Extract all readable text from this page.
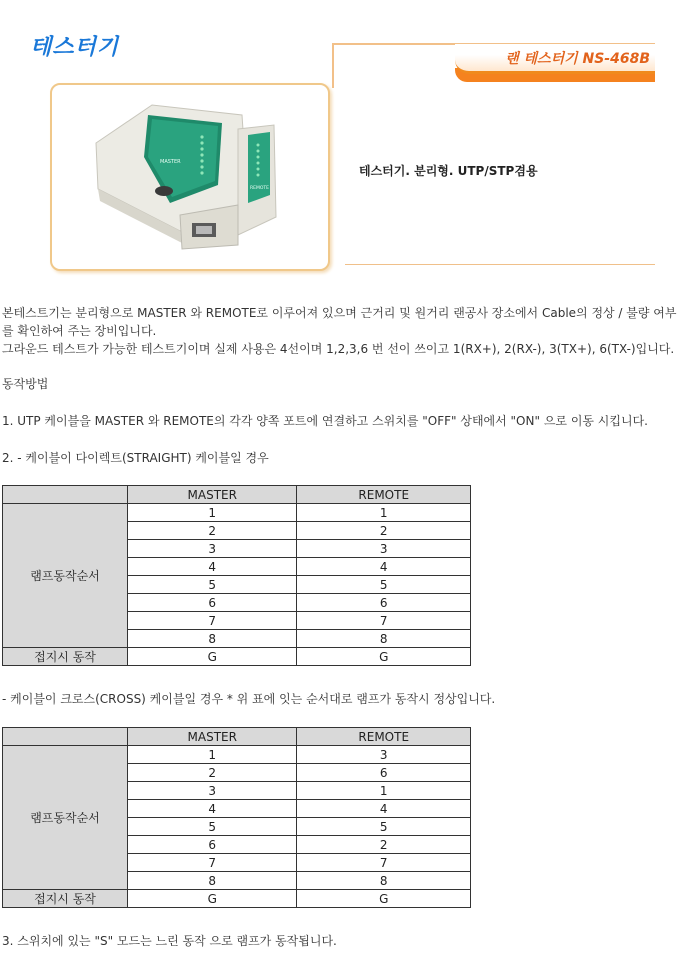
테스터기	랜 테스터기 NS-468B
MASTER
REMOTE
테스터기. 분리형. UTP/STP겸용
본테스트기는 분리형으로 MASTER 와 REMOTE로 이루어져 있으며 근거리 및 원거리 랜공사 장소에서 Cable의 정상 / 불량 여부
를 확인하여 주는 장비입니다.
그라운드 테스트가 가능한 테스트기이며 실제 사용은 4선이며 1,2,3,6 번 선이 쓰이고 1(RX+), 2(RX-), 3(TX+), 6(TX-)입니다.
동작방법
1. UTP 케이블을 MASTER 와 REMOTE의 각각 양쪽 포트에 연결하고 스위치를 "OFF" 상태에서 "ON" 으로 이동 시킵니다.
2. - 케이블이 다이렉트(STRAIGHT) 케이블일 경우
	MASTER	REMOTE
램프동작순서	1	1
	2	2
	3	3
	4	4
	5	5
	6	6
	7	7
	8	8
접지시 동작	G	G
- 케이블이 크로스(CROSS) 케이블일 경우 * 위 표에 잇는 순서대로 램프가 동작시 정상입니다.
	MASTER	REMOTE
램프동작순서	1	3
	2	6
	3	1
	4	4
	5	5
	6	2
	7	7
	8	8
접지시 동작	G	G
3. 스위치에 있는 "S" 모드는 느린 동작 으로 램프가 동작됩니다.
